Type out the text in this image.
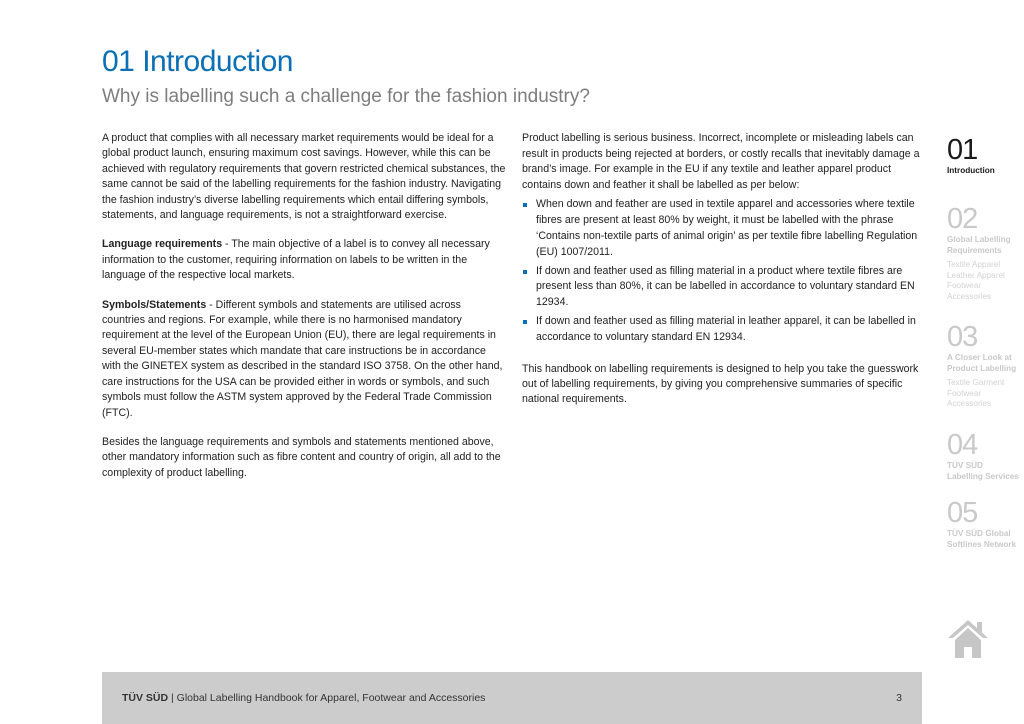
01 Introduction
Why is labelling such a challenge for the fashion industry?

A product that complies with all necessary market requirements would be ideal for a global product launch, ensuring maximum cost savings. However, while this can be achieved with regulatory requirements that govern restricted chemical substances, the same cannot be said of the labelling requirements for the fashion industry. Navigating the fashion industry’s diverse labelling requirements which entail differing symbols, statements, and language requirements, is not a straightforward exercise.

Language requirements - The main objective of a label is to convey all necessary information to the customer, requiring information on labels to be written in the language of the respective local markets.

Symbols/Statements - Different symbols and statements are utilised across countries and regions. For example, while there is no harmonised mandatory requirement at the level of the European Union (EU), there are legal requirements in several EU-member states which mandate that care instructions be in accordance with the GINETEX system as described in the standard ISO 3758. On the other hand, care instructions for the USA can be provided either in words or symbols, and such symbols must follow the ASTM system approved by the Federal Trade Commission (FTC).

Besides the language requirements and symbols and statements mentioned above, other mandatory information such as fibre content and country of origin, all add to the complexity of product labelling.

Product labelling is serious business. Incorrect, incomplete or misleading labels can result in products being rejected at borders, or costly recalls that inevitably damage a brand’s image. For example in the EU if any textile and leather apparel product contains down and feather it shall be labelled as per below:

When down and feather are used in textile apparel and accessories where textile fibres are present at least 80% by weight, it must be labelled with the phrase ‘Contains non-textile parts of animal origin’ as per textile fibre labelling Regulation (EU) 1007/2011.
If down and feather used as filling material in a product where textile fibres are present less than 80%, it can be labelled in accordance to voluntary standard EN 12934.
If down and feather used as filling material in leather apparel, it can be labelled in accordance to voluntary standard EN 12934.

This handbook on labelling requirements is designed to help you take the guesswork out of labelling requirements, by giving you comprehensive summaries of specific national requirements.

01
Introduction
02
Global Labelling Requirements
Textile Apparel Leather Apparel Footwear Accessories
03
A Closer Look at Product Labelling
Textile Garment Footwear Accessories
04
TÜV SÜD Labelling Services
05
TÜV SÜD Global Softlines Network
TÜV SÜD | Global Labelling Handbook for Apparel, Footwear and Accessories	3
